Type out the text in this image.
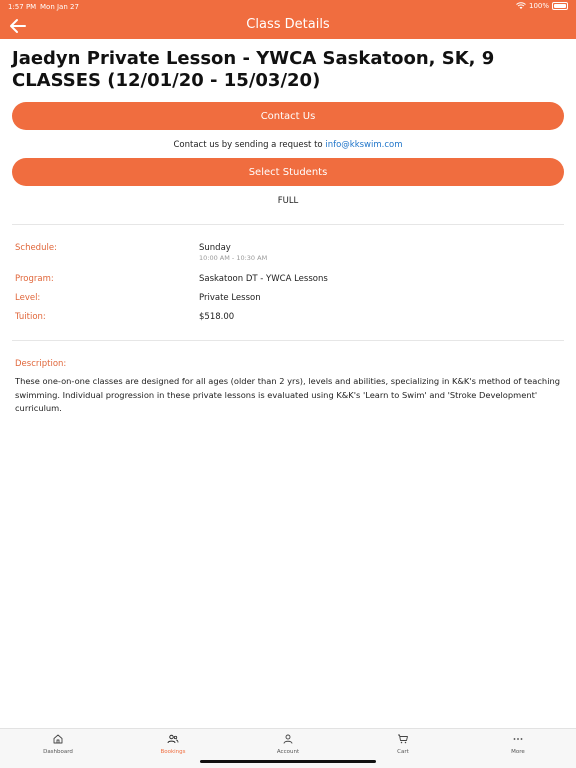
1:57 PM Mon Jan 27	100%
Class Details
Jaedyn Private Lesson - YWCA Saskatoon, SK, 9 CLASSES (12/01/20 - 15/03/20)
Contact Us
Contact us by sending a request to info@kkswim.com
Select Students
FULL
Schedule:	Sunday
10:00 AM - 10:30 AM
Program:	Saskatoon DT - YWCA Lessons
Level:	Private Lesson
Tuition:	$518.00
Description:
These one-on-one classes are designed for all ages (older than 2 yrs), levels and abilities, specializing in K&K's method of teaching swimming. Individual progression in these private lessons is evaluated using K&K's 'Learn to Swim' and 'Stroke Development' curriculum.
Dashboard	Bookings	Account	Cart	More
